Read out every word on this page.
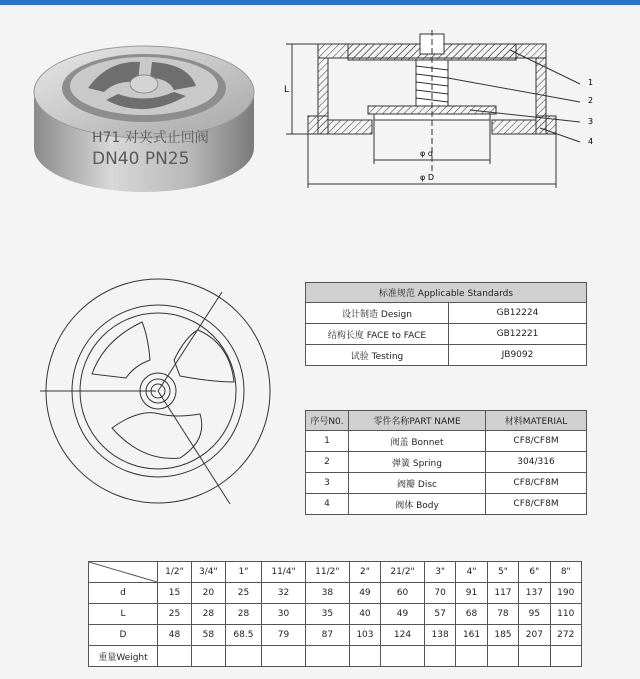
H71 对夹式止回阀
DN40 PN25
L
φ d
φ D
1
2
3
4
标准规范 Applicable Standards	
设计制造 Design	GB12224
结构长度 FACE to FACE	GB12221
试验 Testing	JB9092
序号N0.	零件名称PART NAME	材料MATERIAL
1	阀盖 Bonnet	CF8/CF8M
2	弹簧 Spring	304/316
3	阀瓣 Disc	CF8/CF8M
4	阀体 Body	CF8/CF8M
	1/2"	3/4"	1"	11/4"	11/2"	2"	21/2"	3"	4"	5"	6"	8"
d	15	20	25	32	38	49	60	70	91	117	137	190
L	25	28	28	30	35	40	49	57	68	78	95	110
D	48	58	68.5	79	87	103	124	138	161	185	207	272
重量Weight												
